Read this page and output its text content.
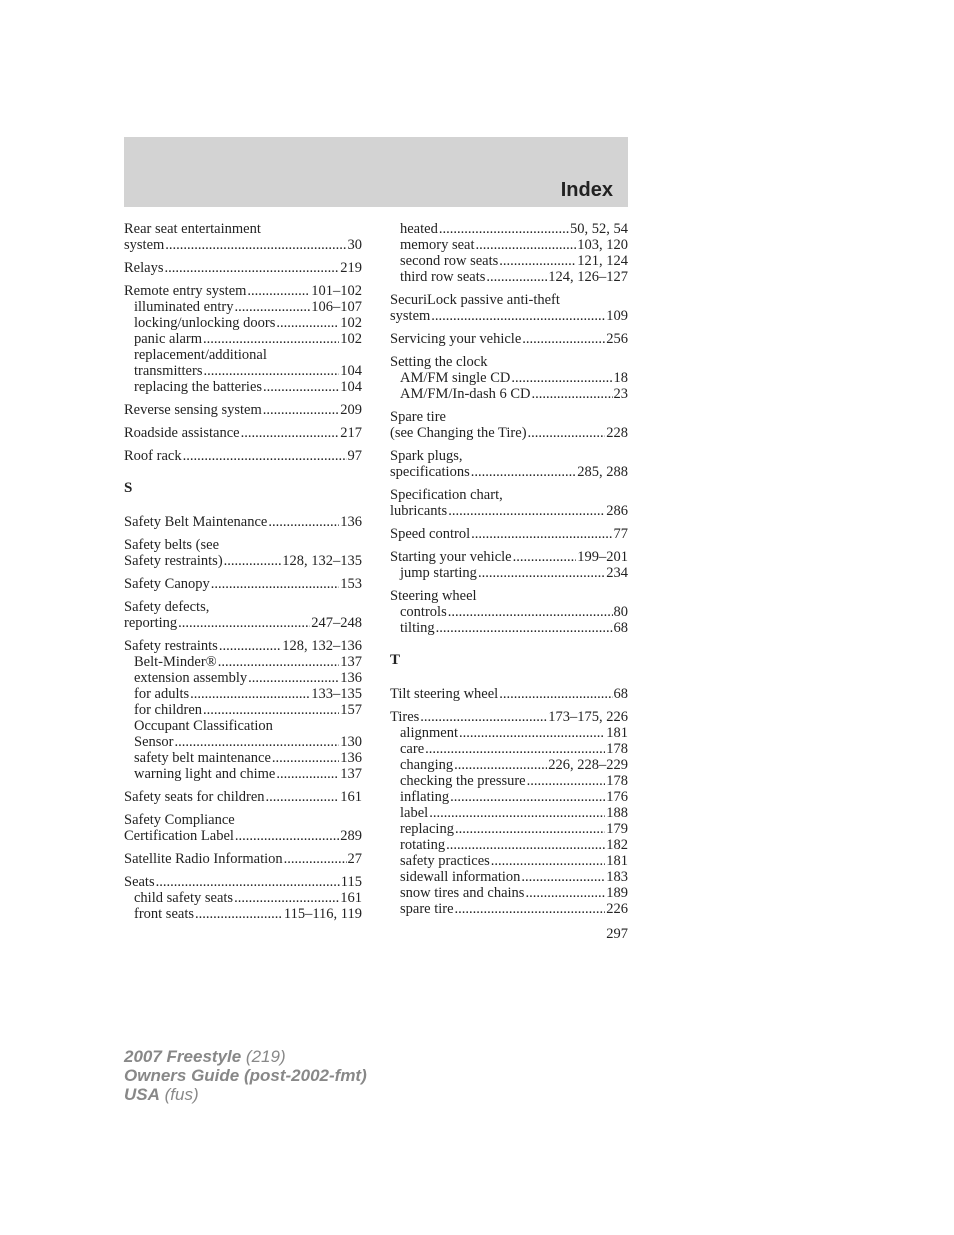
Index
Rear seat entertainment
system .....	30
Relays .....	219
Remote entry system .....	101–102
illuminated entry .....	106–107
locking/unlocking doors .....	102
panic alarm .....	102
replacement/additional
transmitters .....	104
replacing the batteries .....	104
Reverse sensing system .....	209
Roadside assistance .....	217
Roof rack .....	97
S
Safety Belt Maintenance .....	136
Safety belts (see
Safety restraints) .....	128, 132–135
Safety Canopy .....	153
Safety defects,
reporting .....	247–248
Safety restraints .....	128, 132–136
Belt-Minder® .....	137
extension assembly .....	136
for adults .....	133–135
for children .....	157
Occupant Classification
Sensor .....	130
safety belt maintenance .....	136
warning light and chime .....	137
Safety seats for children .....	161
Safety Compliance
Certification Label .....	289
Satellite Radio Information .....	27
Seats .....	115
child safety seats .....	161
front seats .....	115–116, 119
heated .....	50, 52, 54
memory seat .....	103, 120
second row seats .....	121, 124
third row seats .....	124, 126–127
SecuriLock passive anti-theft
system .....	109
Servicing your vehicle .....	256
Setting the clock
AM/FM single CD .....	18
AM/FM/In-dash 6 CD .....	23
Spare tire
(see Changing the Tire) .....	228
Spark plugs,
specifications .....	285, 288
Specification chart,
lubricants .....	286
Speed control .....	77
Starting your vehicle .....	199–201
jump starting .....	234
Steering wheel
controls .....	80
tilting .....	68
T
Tilt steering wheel .....	68
Tires .....	173–175, 226
alignment .....	181
care .....	178
changing .....	226, 228–229
checking the pressure .....	178
inflating .....	176
label .....	188
replacing .....	179
rotating .....	182
safety practices .....	181
sidewall information .....	183
snow tires and chains .....	189
spare tire .....	226
297
2007 Freestyle (219)
Owners Guide (post-2002-fmt)
USA (fus)
